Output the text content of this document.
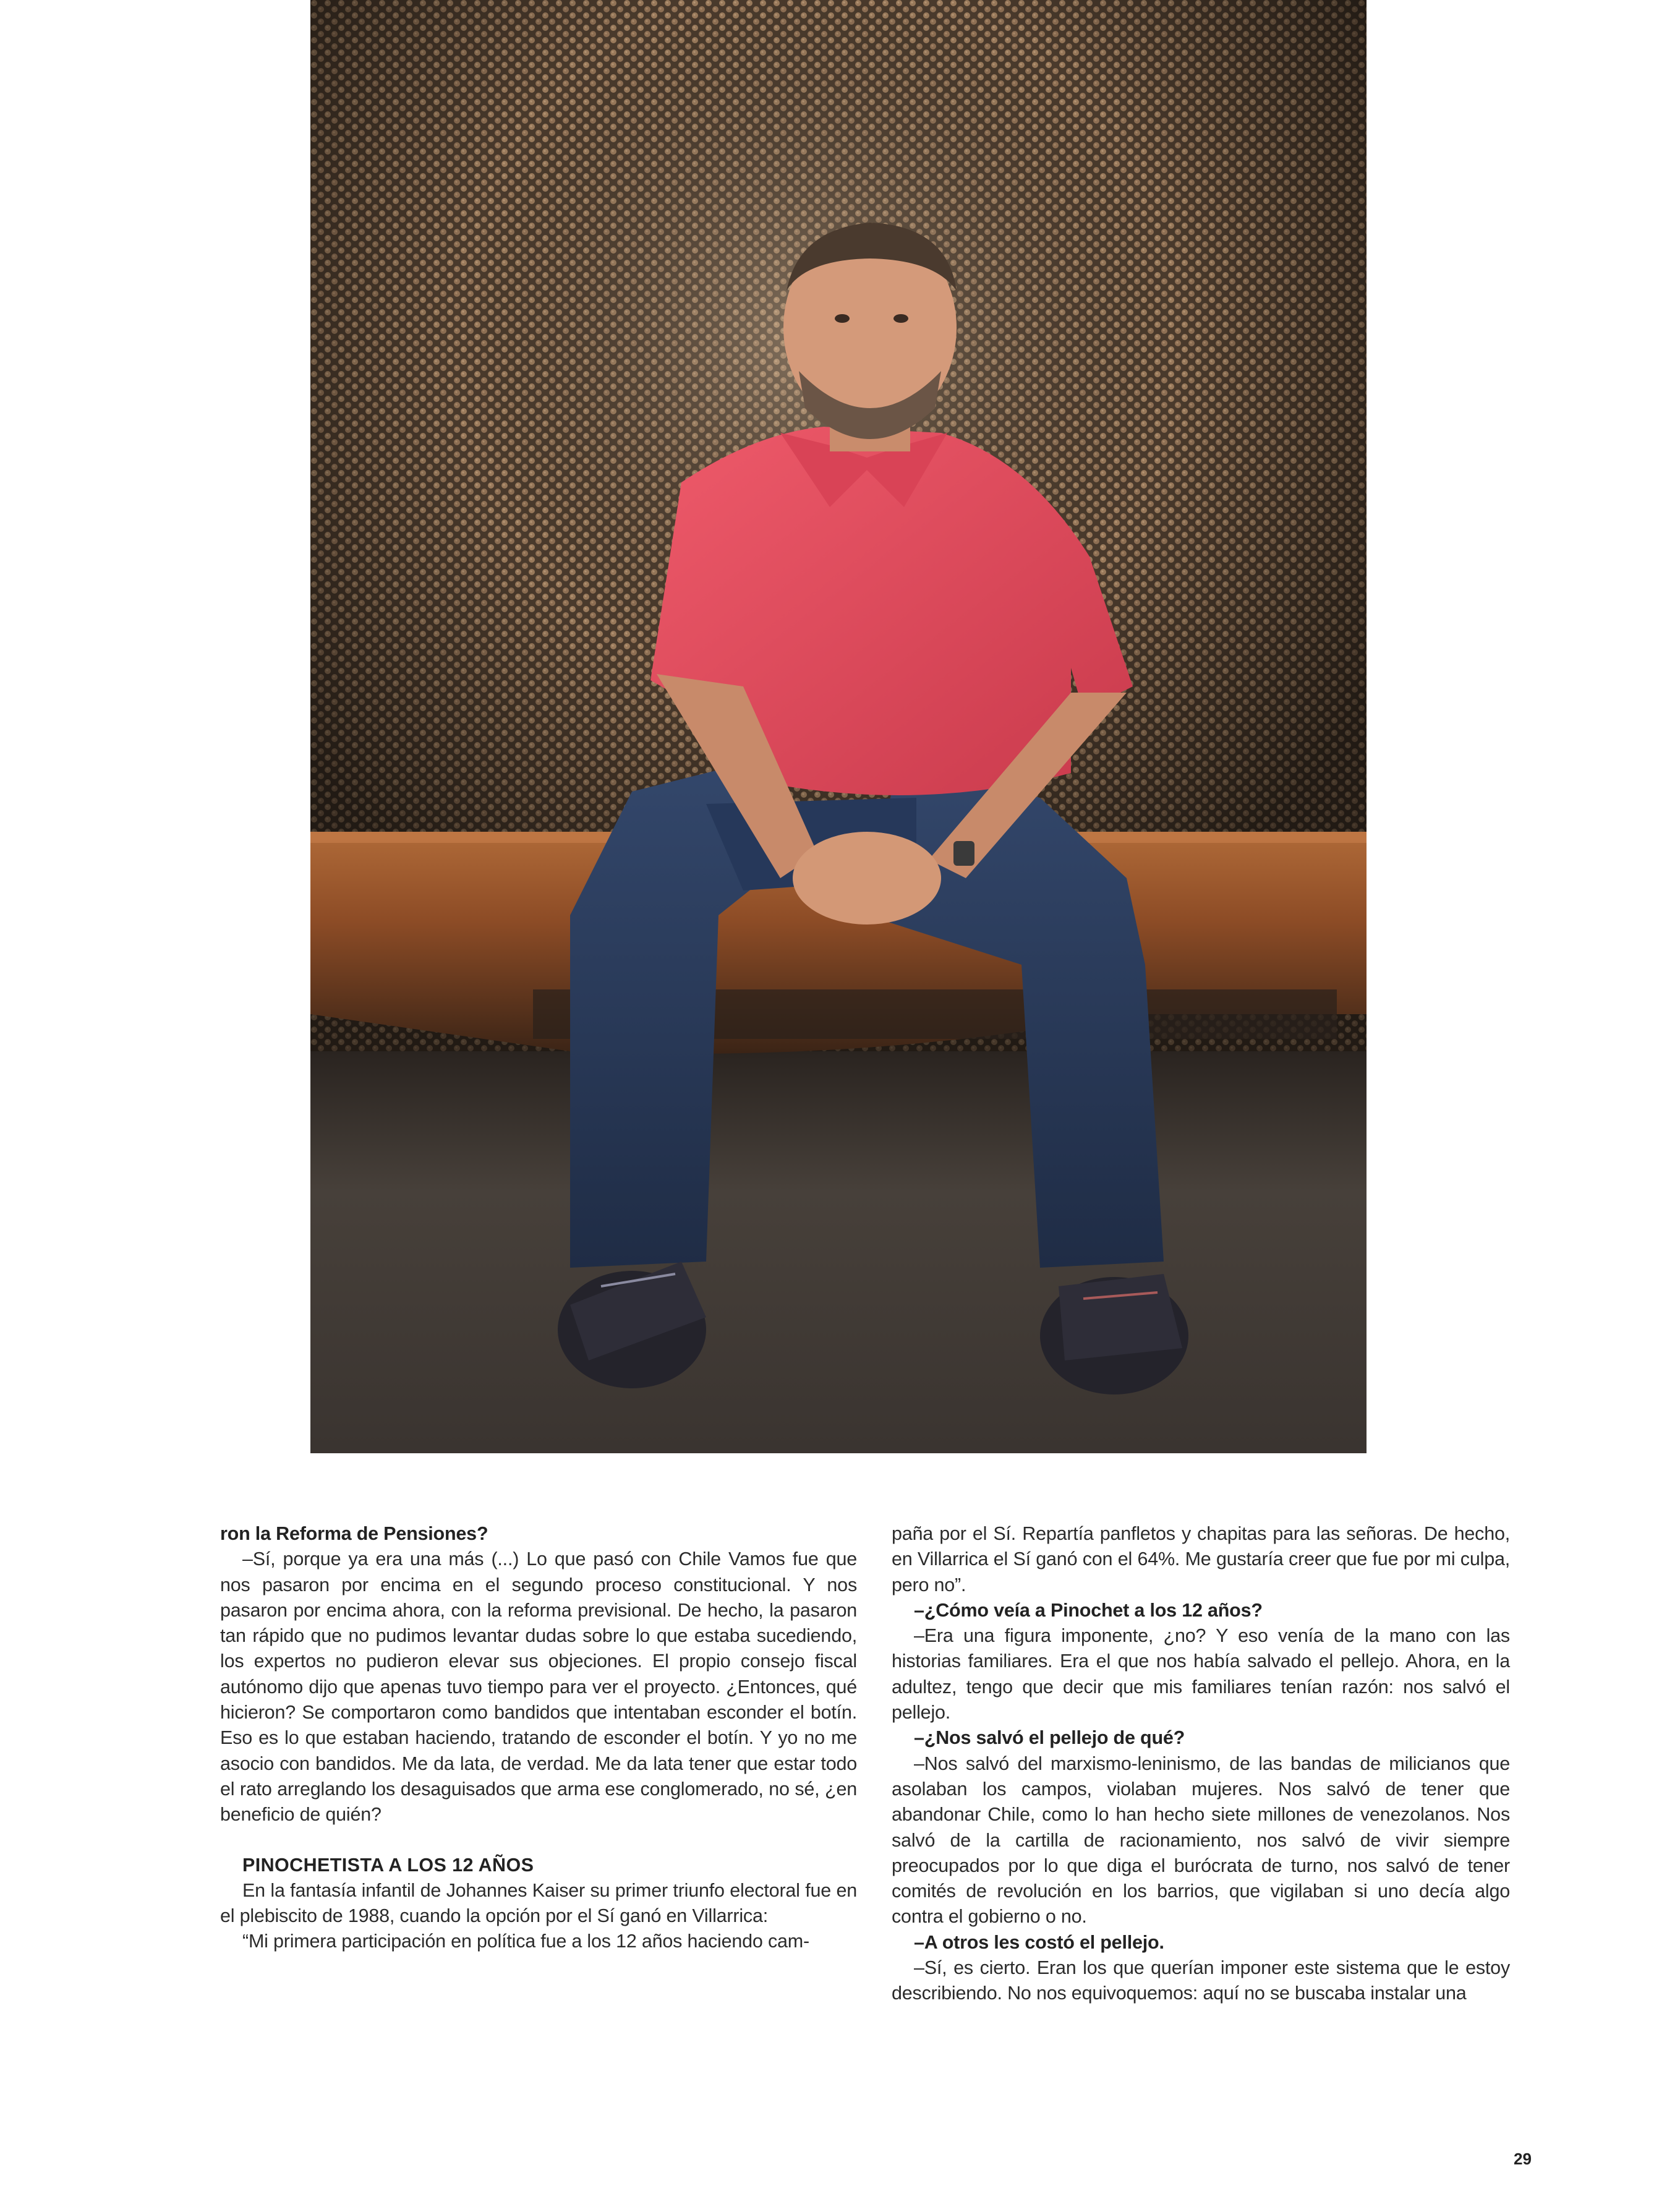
ron la Reforma de Pensiones?

–Sí, porque ya era una más (...) Lo que pasó con Chile Vamos fue que nos pasaron por encima en el segundo proceso constitucional. Y nos pasaron por encima ahora, con la reforma previsional. De hecho, la pasaron tan rápido que no pudimos levantar dudas sobre lo que estaba sucediendo, los expertos no pudieron elevar sus objeciones. El propio consejo fiscal autónomo dijo que apenas tuvo tiempo para ver el proyecto. ¿Entonces, qué hicieron? Se comportaron como bandidos que intentaban esconder el botín. Eso es lo que estaban haciendo, tratando de esconder el botín. Y yo no me asocio con bandidos. Me da lata, de verdad. Me da lata tener que estar todo el rato arreglando los desaguisados que arma ese conglomerado, no sé, ¿en beneficio de quién?

PINOCHETISTA A LOS 12 AÑOS

En la fantasía infantil de Johannes Kaiser su primer triunfo electoral fue en el plebiscito de 1988, cuando la opción por el Sí ganó en Villarrica:

“Mi primera participación en política fue a los 12 años haciendo cam-

paña por el Sí. Repartía panfletos y chapitas para las señoras. De hecho, en Villarrica el Sí ganó con el 64%. Me gustaría creer que fue por mi culpa, pero no”.

–¿Cómo veía a Pinochet a los 12 años?

–Era una figura imponente, ¿no? Y eso venía de la mano con las historias familiares. Era el que nos había salvado el pellejo. Ahora, en la adultez, tengo que decir que mis familiares tenían razón: nos salvó el pellejo.

–¿Nos salvó el pellejo de qué?

–Nos salvó del marxismo-leninismo, de las bandas de milicianos que asolaban los campos, violaban mujeres. Nos salvó de tener que abandonar Chile, como lo han hecho siete millones de venezolanos. Nos salvó de la cartilla de racionamiento, nos salvó de vivir siempre preocupados por lo que diga el burócrata de turno, nos salvó de tener comités de revolución en los barrios, que vigilaban si uno decía algo contra el gobierno o no.

–A otros les costó el pellejo.

–Sí, es cierto. Eran los que querían imponer este sistema que le estoy describiendo. No nos equivoquemos: aquí no se buscaba instalar una

29
